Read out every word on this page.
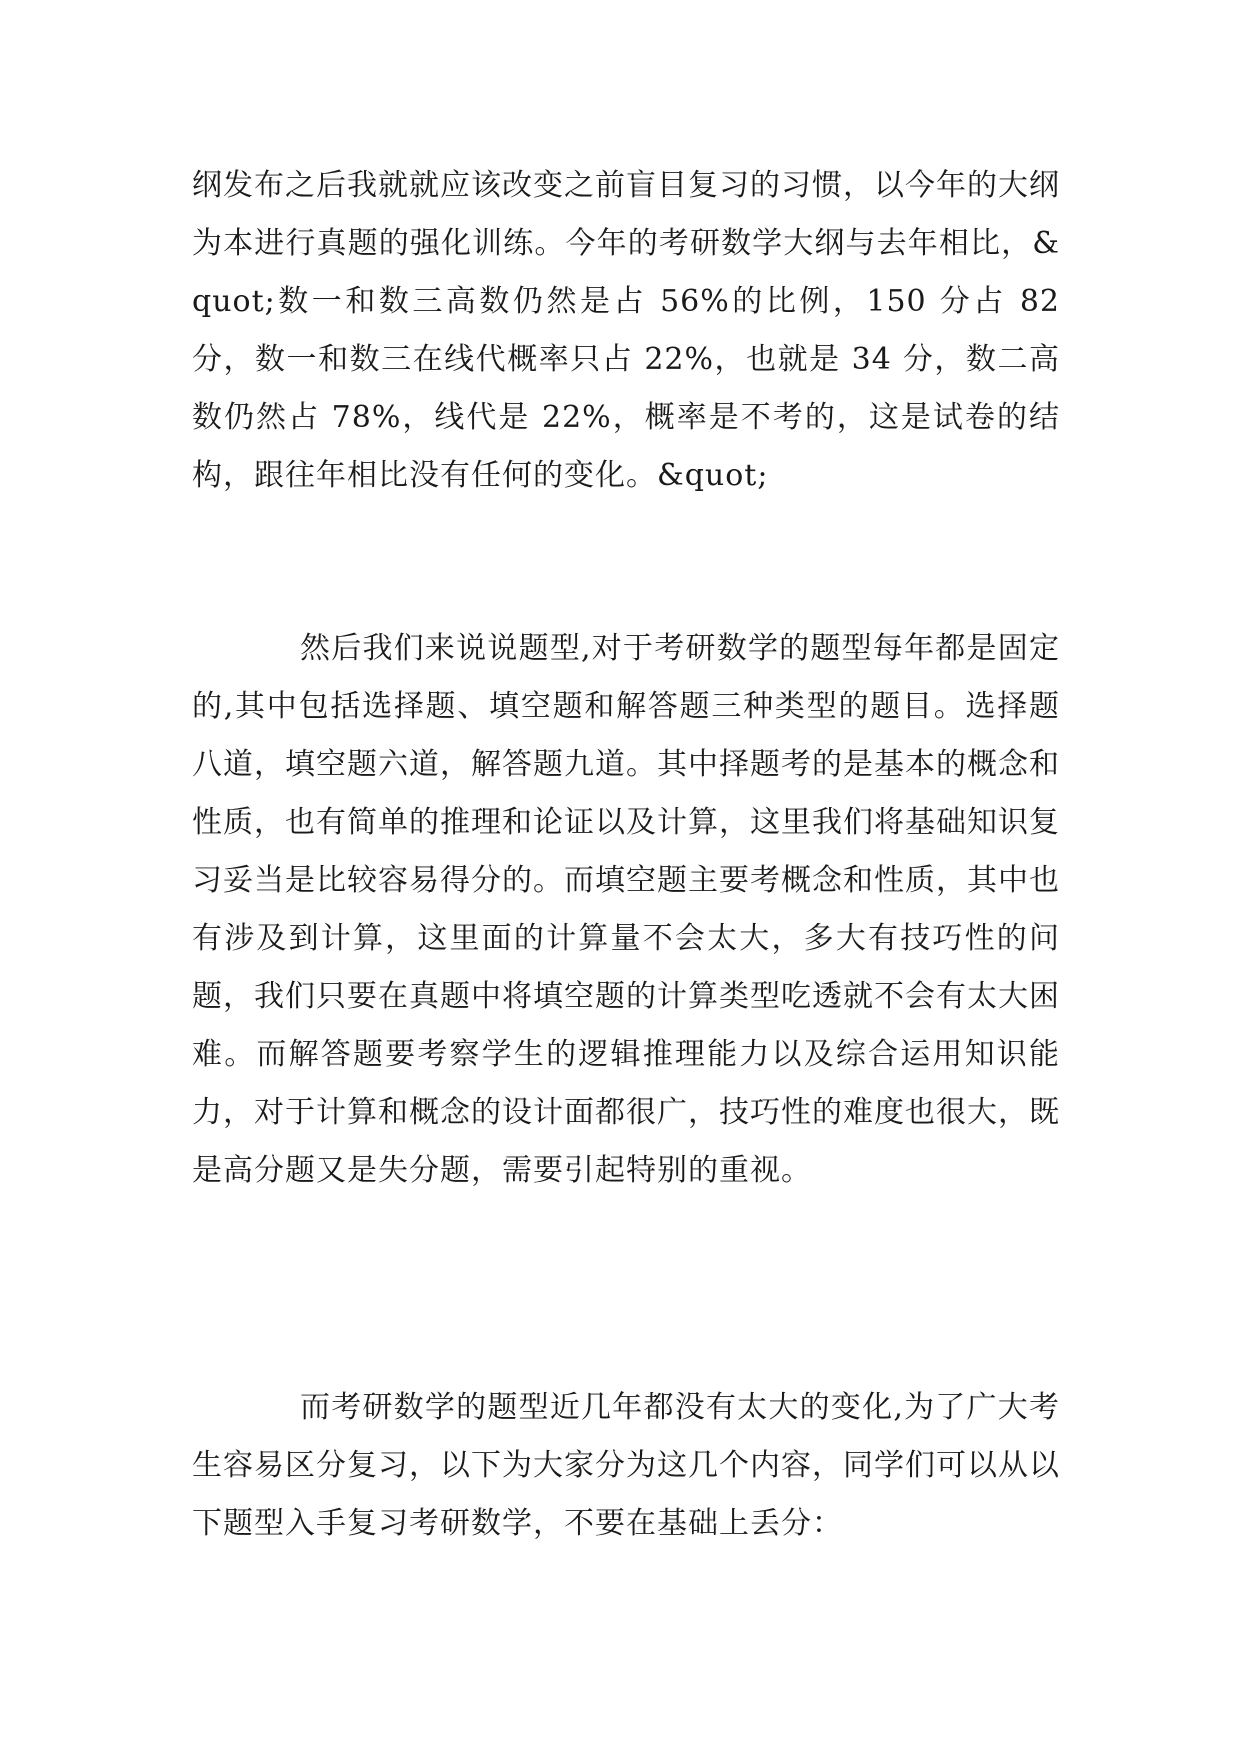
纲发布之后我就就应该改变之前盲目复习的习惯，以今年的大纲为本进行真题的强化训练。今年的考研数学大纲与去年相比，&quot;数一和数三高数仍然是占 56%的比例，150 分占 82 分，数一和数三在线代概率只占 22%，也就是 34 分，数二高数仍然占 78%，线代是 22%，概率是不考的，这是试卷的结构，跟往年相比没有任何的变化。&quot;

然后我们来说说题型,对于考研数学的题型每年都是固定的,其中包括选择题、填空题和解答题三种类型的题目。选择题八道，填空题六道，解答题九道。其中择题考的是基本的概念和性质，也有简单的推理和论证以及计算，这里我们将基础知识复习妥当是比较容易得分的。而填空题主要考概念和性质，其中也有涉及到计算，这里面的计算量不会太大，多大有技巧性的问题，我们只要在真题中将填空题的计算类型吃透就不会有太大困难。而解答题要考察学生的逻辑推理能力以及综合运用知识能力，对于计算和概念的设计面都很广，技巧性的难度也很大，既是高分题又是失分题，需要引起特别的重视。

而考研数学的题型近几年都没有太大的变化,为了广大考生容易区分复习，以下为大家分为这几个内容，同学们可以从以下题型入手复习考研数学，不要在基础上丢分：
